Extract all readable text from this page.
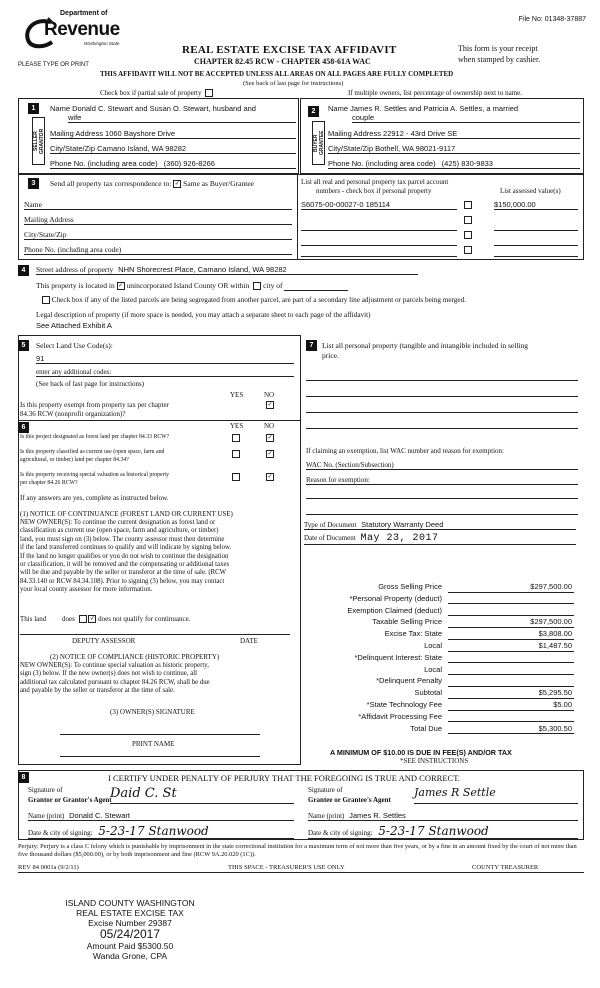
File No: 01348-37887
Department of
Revenue
Washington State
PLEASE TYPE OR PRINT
REAL ESTATE EXCISE TAX AFFIDAVIT
CHAPTER 82.45 RCW - CHAPTER 458-61A WAC
This form is your receipt
when stamped by cashier.
THIS AFFIDAVIT WILL NOT BE ACCEPTED UNLESS ALL AREAS ON ALL PAGES ARE FULLY COMPLETED
(See back of last page for instructions)
Check box if partial sale of property	If multiple owners, list percentage of ownership next to name.
1
SELLER GRANTOR
Name Donald C. Stewart and Susan O. Stewart, husband and
wife
Mailing Address 1060 Bayshore Drive
City/State/Zip Camano Island, WA 98282
Phone No. (including area code) (360) 926-8266
2
BUYER GRANTEE
Name James R. Settles and Patricia A. Settles, a married
couple
Mailing Address 22912 - 43rd Drive SE
City/State/Zip Bothell, WA 98021-9117
Phone No. (including area code) (425) 830-9833
3	Send all property tax correspondence to: ✓ Same as Buyer/Grantee
Name
Mailing Address
City/State/Zip
Phone No. (including area code)
List all real and personal property tax parcel account
numbers - check box if personal property	List assessed value(s)
S6075-00-00027-0 185114	$150,000.00
4	Street address of property NHN Shorecrest Place, Camano Island, WA 98282
This property is located in ✓ unincorporated Island County OR within city of
Check box if any of the listed parcels are being segregated from another parcel, are part of a secondary line adjustment or parcels being merged.
Legal description of property (if more space is needed, you may attach a separate sheet to each page of the affidavit)
See Attached Exhibit A
5	Select Land Use Code(s):
91
enter any additional codes:
(See back of last page for instructions)
YES	NO
Is this property exempt from property tax per chapter
84.36 RCW (nonprofit organization)?
✓
6	YES	NO
Is this project designated as forest land per chapter 84.33 RCW?	✓
Is this property classified as current use (open space, farm and
agricultural, or timber) land per chapter 84.34?
✓
Is this property receiving special valuation as historical property
per chapter 84.26 RCW?
✓
If any answers are yes, complete as instructed below.
(1) NOTICE OF CONTINUANCE (FOREST LAND OR CURRENT USE)
NEW OWNER(S): To continue the current designation as forest land or
classification as current use (open space, farm and agriculture, or timber)
land, you must sign on (3) below. The county assessor must then determine
if the land transferred continues to qualify and will indicate by signing below.
If the land no longer qualifies or you do not wish to continue the designation
or classification, it will be removed and the compensating or additional taxes
will be due and payable by the seller or transferor at the time of sale. (RCW
84.33.140 or RCW 84.34.108). Prior to signing (3) below, you may contact
your local county assessor for more information.
This land does ✓ does not qualify for continuance.
DEPUTY ASSESSOR	DATE
(2) NOTICE OF COMPLIANCE (HISTORIC PROPERTY)
NEW OWNER(S): To continue special valuation as historic property,
sign (3) below. If the new owner(s) does not wish to continue, all
additional tax calculated pursuant to chapter 84.26 RCW, shall be due
and payable by the seller or transferor at the time of sale.
(3) OWNER(S) SIGNATURE
PRINT NAME
7	List all personal property (tangible and intangible included in selling
price.
If claiming an exemption, list WAC number and reason for exemption:
WAC No. (Section/Subsection)
Reason for exemption:
Type of Document Statutory Warranty Deed
Date of Document May 23, 2017
Gross Selling Price	$297,500.00
*Personal Property (deduct)
Exemption Claimed (deduct)
Taxable Selling Price	$297,500.00
Excise Tax: State	$3,808.00
Local	$1,487.50
*Delinquent Interest: State
Local
*Delinquent Penalty
Subtotal	$5,295.50
*State Technology Fee	$5.00
*Affidavit Processing Fee
Total Due	$5,300.50
A MINIMUM OF $10.00 IS DUE IN FEE(S) AND/OR TAX
*SEE INSTRUCTIONS
8	I CERTIFY UNDER PENALTY OF PERJURY THAT THE FOREGOING IS TRUE AND CORRECT.
Signature of
Grantor or Grantor's Agent
Daid C. St
Name (print) Donald C. Stewart
Date & city of signing: 5-23-17 Stanwood
Signature of
Grantee or Grantee's Agent
James R Settle
Name (print) James R. Settles
Date & city of signing: 5-23-17 Stanwood
Perjury: Perjury is a class C felony which is punishable by imprisonment in the state correctional institution for a maximum term of not more than five years, or by a fine in an amount fixed by the court of not more than five thousand dollars ($5,000.00), or by both imprisonment and fine (RCW 9A.20.020 (1C)).
REV 84 0001a (9/2/11)	THIS SPACE - TREASURER'S USE ONLY	COUNTY TREASURER
ISLAND COUNTY WASHINGTON
REAL ESTATE EXCISE TAX
Excise Number 29387
05/24/2017
Amount Paid $5300.50
Wanda Grone, CPA
